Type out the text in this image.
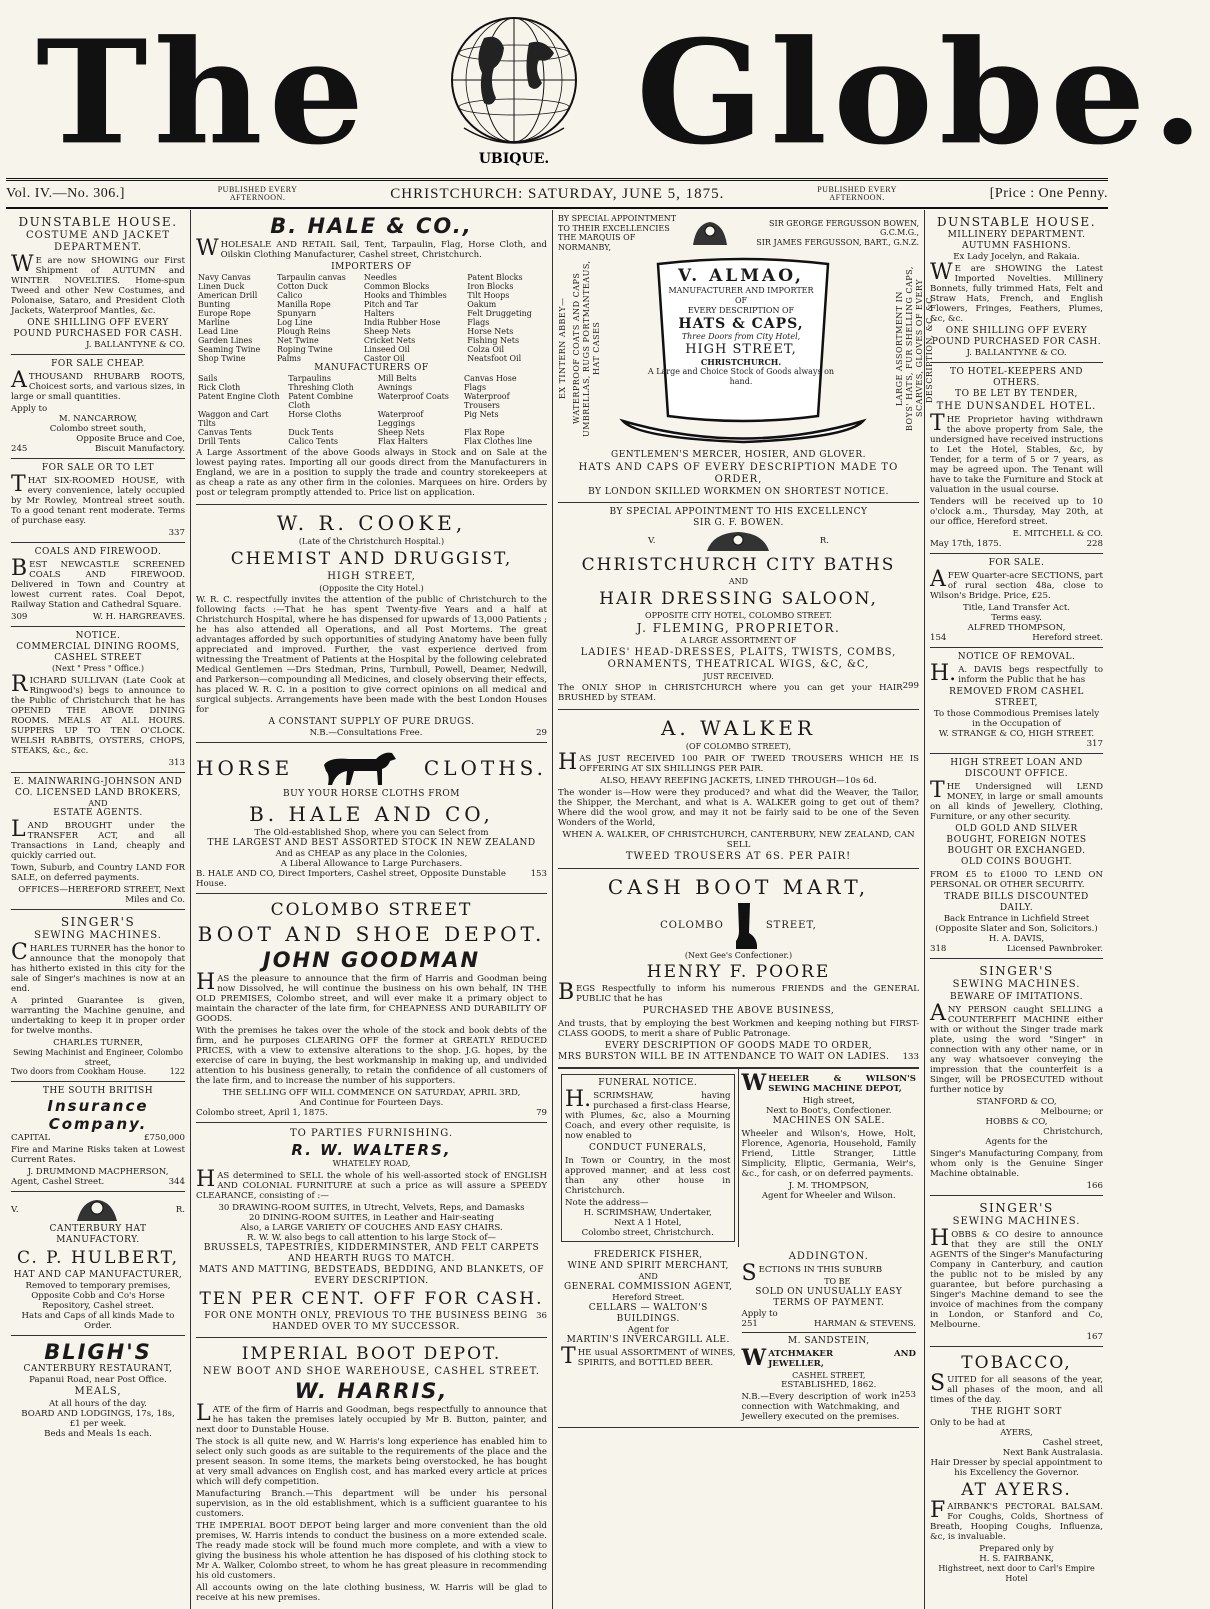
The	UBIQUE. Globe.
Vol. IV.—No. 306.]	PUBLISHED EVERY AFTERNOON.	CHRISTCHURCH: SATURDAY, JUNE 5, 1875.	PUBLISHED EVERY AFTERNOON.	[Price : One Penny.
DUNSTABLE HOUSE.
COSTUME AND JACKET DEPARTMENT.
WE are now SHOWING our First Shipment of AUTUMN and WINTER NOVELTIES. Home-spun Tweed and other New Costumes, and Polonaise, Sataro, and President Cloth Jackets, Waterproof Mantles, &c.
ONE SHILLING OFF EVERY POUND PURCHASED FOR CASH.
J. BALLANTYNE & CO.
FOR SALE CHEAP.
ATHOUSAND RHUBARB ROOTS, Choicest sorts, and various sizes, in large or small quantities.
Apply to
M. NANCARROW,
Colombo street south,
Opposite Bruce and Coe,
245	Biscuit Manufactory.
FOR SALE OR TO LET
THAT SIX-ROOMED HOUSE, with every convenience, lately occupied by Mr Rowley, Montreal street south. To a good tenant rent moderate. Terms of purchase easy.
337
COALS AND FIREWOOD.
BEST NEWCASTLE SCREENED COALS AND FIREWOOD. Delivered in Town and Country at lowest current rates. Coal Depot, Railway Station and Cathedral Square.
309	W. H. HARGREAVES.
NOTICE.
COMMERCIAL DINING ROOMS, CASHEL STREET
(Next " Press " Office.)
RICHARD SULLIVAN (Late Cook at Ringwood's) begs to announce to the Public of Christchurch that he has OPENED THE ABOVE DINING ROOMS. MEALS AT ALL HOURS. SUPPERS UP TO TEN O'CLOCK. WELSH RABBITS, OYSTERS, CHOPS, STEAKS, &c., &c.
313
E. MAINWARING-JOHNSON AND CO. LICENSED LAND BROKERS,
AND
ESTATE AGENTS.
LAND BROUGHT under the TRANSFER ACT, and all Transactions in Land, cheaply and quickly carried out.
Town, Suburb, and Country LAND FOR SALE, on deferred payments.
OFFICES—HEREFORD STREET, Next Miles and Co.
SINGER'S
SEWING MACHINES.
CHARLES TURNER has the honor to announce that the monopoly that has hitherto existed in this city for the sale of Singer's machines is now at an end.
A printed Guarantee is given, warranting the Machine genuine, and undertaking to keep it in proper order for twelve months.
CHARLES TURNER,
Sewing Machinist and Engineer, Colombo street,
Two doors from Cookham House.	122
THE SOUTH BRITISH
Insurance Company.
CAPITAL	£750,000
Fire and Marine Risks taken at Lowest Current Rates.
J. DRUMMOND MACPHERSON,
Agent, Cashel Street.	344
V.	R.
CANTERBURY HAT MANUFACTORY.
C. P. HULBERT,
HAT AND CAP MANUFACTURER,
Removed to temporary premises, Opposite Cobb and Co's Horse Repository, Cashel street.
Hats and Caps of all kinds Made to Order.
BLIGH'S
CANTERBURY RESTAURANT,
Papanui Road, near Post Office.
MEALS,
At all hours of the day.
BOARD AND LODGINGS, 17s, 18s,
£1 per week.
Beds and Meals 1s each.
B. HALE & CO.,
WHOLESALE AND RETAIL Sail, Tent, Tarpaulin, Flag, Horse Cloth, and Oilskin Clothing Manufacturer, Cashel street, Christchurch.
IMPORTERS OF
Navy Canvas	Tarpaulin canvas	Needles	Patent Blocks
Linen Duck	Cotton Duck	Common Blocks	Iron Blocks
American Drill	Calico	Hooks and Thimbles	Tilt Hoops
Bunting	Manilla Rope	Pitch and Tar	Oakum
Europe Rope	Spunyarn	Halters	Felt Druggeting
Marline	Log Line	India Rubber Hose	Flags
Lead Line	Plough Reins	Sheep Nets	Horse Nets
Garden Lines	Net Twine	Cricket Nets	Fishing Nets
Seaming Twine	Roping Twine	Linseed Oil	Colza Oil
Shop Twine	Palms	Castor Oil	Neatsfoot Oil
MANUFACTURERS OF
Sails	Tarpaulins	Mill Belts	Canvas Hose
Rick Cloth	Threshing Cloth	Awnings	Flags
Patent Engine Cloth	Patent Combine Cloth	Waterproof Coats	Waterproof Trousers
Waggon and Cart Tilts	Horse Cloths	Waterproof Leggings	Pig Nets
Canvas Tents	Duck Tents	Sheep Nets	Flax Rope
Drill Tents	Calico Tents	Flax Halters	Flax Clothes line
A Large Assortment of the above Goods always in Stock and on Sale at the lowest paying rates. Importing all our goods direct from the Manufacturers in England, we are in a position to supply the trade and country storekeepers at as cheap a rate as any other firm in the colonies. Marquees on hire. Orders by post or telegram promptly attended to. Price list on application.
W. R. COOKE,
(Late of the Christchurch Hospital.)
CHEMIST AND DRUGGIST,
HIGH STREET,
(Opposite the City Hotel.)
W. R. C. respectfully invites the attention of the public of Christchurch to the following facts :—That he has spent Twenty-five Years and a half at Christchurch Hospital, where he has dispensed for upwards of 13,000 Patients ; he has also attended all Operations, and all Post Mortems. The great advantages afforded by such opportunities of studying Anatomy have been fully appreciated and improved. Further, the vast experience derived from witnessing the Treatment of Patients at the Hospital by the following celebrated Medical Gentlemen —Drs Stedman, Prins, Turnbull, Powell, Deamer, Nedwill, and Parkerson—compounding all Medicines, and closely observing their effects, has placed W. R. C. in a position to give correct opinions on all medical and surgical subjects. Arrangements have been made with the best London Houses for
A CONSTANT SUPPLY OF PURE DRUGS.
N.B.—Consultations Free.	29
HORSE	CLOTHS.
BUY YOUR HORSE CLOTHS FROM
B. HALE AND CO,
The Old-established Shop, where you can Select from
THE LARGEST AND BEST ASSORTED STOCK IN NEW ZEALAND
And as CHEAP as any place in the Colonies,
A Liberal Allowance to Large Purchasers.
B. HALE AND CO, Direct Importers, Cashel street, Opposite Dunstable House.
153
COLOMBO STREET
BOOT AND SHOE DEPOT.
JOHN GOODMAN
HAS the pleasure to announce that the firm of Harris and Goodman being now Dissolved, he will continue the business on his own behalf, IN THE OLD PREMISES, Colombo street, and will ever make it a primary object to maintain the character of the late firm, for CHEAPNESS AND DURABILITY OF GOODS.
With the premises he takes over the whole of the stock and book debts of the firm, and he purposes CLEARING OFF the former at GREATLY REDUCED PRICES, with a view to extensive alterations to the shop. J.G. hopes, by the exercise of care in buying, the best workmanship in making up, and undivided attention to his business generally, to retain the confidence of all customers of the late firm, and to increase the number of his supporters.
THE SELLING OFF WILL COMMENCE ON SATURDAY, APRIL 3RD,
And Continue for Fourteen Days.
Colombo street, April 1, 1875.	79
TO PARTIES FURNISHING.
R. W. WALTERS,
WHATELEY ROAD,
HAS determined to SELL the whole of his well-assorted stock of ENGLISH AND COLONIAL FURNITURE at such a price as will assure a SPEEDY CLEARANCE, consisting of :—
30 DRAWING-ROOM SUITES, in Utrecht, Velvets, Reps, and Damasks
20 DINING-ROOM SUITES, in Leather and Hair-seating
Also, a LARGE VARIETY OF COUCHES AND EASY CHAIRS.
R. W. W. also begs to call attention to his large Stock of—
BRUSSELS, TAPESTRIES, KIDDERMINSTER, AND FELT CARPETS AND HEARTH RUGS TO MATCH.
MATS AND MATTING, BEDSTEADS, BEDDING, AND BLANKETS, OF EVERY DESCRIPTION.
TEN PER CENT. OFF FOR CASH.
FOR ONE MONTH ONLY, PREVIOUS TO THE BUSINESS BEING HANDED OVER TO MY SUCCESSOR.
36
IMPERIAL BOOT DEPOT.
NEW BOOT AND SHOE WAREHOUSE, CASHEL STREET.
W. HARRIS,
LATE of the firm of Harris and Goodman, begs respectfully to announce that he has taken the premises lately occupied by Mr B. Button, painter, and next door to Dunstable House.
The stock is all quite new, and W. Harris's long experience has enabled him to select only such goods as are suitable to the requirements of the place and the present season. In some items, the markets being overstocked, he has bought at very small advances on English cost, and has marked every article at prices which will defy competition.
Manufacturing Branch.—This department will be under his personal supervision, as in the old establishment, which is a sufficient guarantee to his customers.
THE IMPERIAL BOOT DEPOT being larger and more convenient than the old premises, W. Harris intends to conduct the business on a more extended scale. The ready made stock will be found much more complete, and with a view to giving the business his whole attention he has disposed of his clothing stock to Mr A. Walker, Colombo street, to whom he has great pleasure in recommending his old customers.
All accounts owing on the late clothing business, W. Harris will be glad to receive at his new premises.
BY SPECIAL APPOINTMENT
TO THEIR EXCELLENCIES
THE MARQUIS OF NORMANBY,
SIR GEORGE FERGUSSON BOWEN, G.C.M.G.,
SIR JAMES FERGUSSON, BART., G.N.Z.
EX TINTERN ABBEY— WATERPROOF COATS AND CAPS UMBRELLAS, RUGS PORTMANTEAUS, HAT CASES
V. ALMAO,
MANUFACTURER AND IMPORTER
OF
EVERY DESCRIPTION OF
HATS & CAPS,
Three Doors from City Hotel,
HIGH STREET,
CHRISTCHURCH.
A Large and Choice Stock of Goods always on hand.	LARGE ASSORTMENT IN BOYS' HATS, FUR SHELLING CAPS, SCARVES, GLOVES OF EVERY DESCRIPTION, &C. &C.
GENTLEMEN'S MERCER, HOSIER, AND GLOVER.
HATS AND CAPS OF EVERY DESCRIPTION MADE TO ORDER,
BY LONDON SKILLED WORKMEN ON SHORTEST NOTICE.
BY SPECIAL APPOINTMENT TO HIS EXCELLENCY
SIR G. F. BOWEN.
V.	R.
CHRISTCHURCH CITY BATHS
AND
HAIR DRESSING SALOON,
OPPOSITE CITY HOTEL, COLOMBO STREET.
J. FLEMING, PROPRIETOR.
A LARGE ASSORTMENT OF
LADIES' HEAD-DRESSES, PLAITS, TWISTS, COMBS, ORNAMENTS, THEATRICAL WIGS, &C, &C,
JUST RECEIVED.
The ONLY SHOP in CHRISTCHURCH where you can get your HAIR BRUSHED by STEAM.
299
A. WALKER
(OF COLOMBO STREET),
HAS JUST RECEIVED 100 PAIR OF TWEED TROUSERS WHICH HE IS OFFERING AT SIX SHILLINGS PER PAIR.
ALSO, HEAVY REEFING JACKETS, LINED THROUGH—10s 6d.
The wonder is—How were they produced? and what did the Weaver, the Tailor, the Shipper, the Merchant, and what is A. WALKER going to get out of them? Where did the wool grow, and may it not be fairly said to be one of the Seven Wonders of the World,
WHEN A. WALKER, OF CHRISTCHURCH, CANTERBURY, NEW ZEALAND, CAN SELL
TWEED TROUSERS AT 6S. PER PAIR!
CASH BOOT MART,
COLOMBO	STREET,
(Next Gee's Confectioner.)
HENRY F. POORE
BEGS Respectfully to inform his numerous FRIENDS and the GENERAL PUBLIC that he has
PURCHASED THE ABOVE BUSINESS,
And trusts, that by employing the best Workmen and keeping nothing but FIRST-CLASS GOODS, to merit a share of Public Patronage.
EVERY DESCRIPTION OF GOODS MADE TO ORDER,
MRS BURSTON WILL BE IN ATTENDANCE TO WAIT ON LADIES. 133
FUNERAL NOTICE.
H.SCRIMSHAW, having purchased a first-class Hearse, with Plumes, &c, also a Mourning Coach, and every other requisite, is now enabled to
CONDUCT FUNERALS,
In Town or Country, in the most approved manner, and at less cost than any other house in Christchurch.
Note the address—
H. SCRIMSHAW, Undertaker,
Next A 1 Hotel,
Colombo street, Christchurch.
WHEELER & WILSON'S SEWING MACHINE DEPOT,
High street,
Next to Boot's, Confectioner.
MACHINES ON SALE.
Wheeler and Wilson's, Howe, Holt, Florence, Agenoria, Household, Family Friend, Little Stranger, Little Simplicity, Eliptic, Germania, Weir's, &c., for cash, or on deferred payments.
J. M. THOMPSON,
Agent for Wheeler and Wilson.
FREDERICK FISHER,
WINE AND SPIRIT MERCHANT,
AND
GENERAL COMMISSION AGENT,
Hereford Street.
CELLARS — WALTON'S BUILDINGS.
Agent for
MARTIN'S INVERCARGILL ALE.
THE usual ASSORTMENT of WINES, SPIRITS, and BOTTLED BEER.
ADDINGTON.
SECTIONS IN THIS SUBURB
TO BE
SOLD ON UNUSUALLY EASY TERMS OF PAYMENT.
Apply to
251	HARMAN & STEVENS.
M. SANDSTEIN,
WATCHMAKER AND JEWELLER,
CASHEL STREET,
ESTABLISHED, 1862.
N.B.—Every description of work in connection with Watchmaking, and Jewellery executed on the premises.
253
DUNSTABLE HOUSE.
MILLINERY DEPARTMENT.
AUTUMN FASHIONS.
Ex Lady Jocelyn, and Rakaia.
WE are SHOWING the Latest Imported Novelties. Millinery Bonnets, fully trimmed Hats, Felt and Straw Hats, French, and English Flowers, Fringes, Feathers, Plumes, &c, &c.
ONE SHILLING OFF EVERY POUND PURCHASED FOR CASH.
J. BALLANTYNE & CO.
TO HOTEL-KEEPERS AND OTHERS.
TO BE LET BY TENDER,
THE DUNSANDEL HOTEL.
THE Proprietor having withdrawn the above property from Sale, the undersigned have received instructions to Let the Hotel, Stables, &c, by Tender, for a term of 5 or 7 years, as may be agreed upon. The Tenant will have to take the Furniture and Stock at valuation in the usual course.
Tenders will be received up to 10 o'clock a.m., Thursday, May 20th, at our office, Hereford street.
E. MITCHELL & CO.
May 17th, 1875.	228
FOR SALE.
AFEW Quarter-acre SECTIONS, part of rural section 48a, close to Wilson's Bridge. Price, £25.
Title, Land Transfer Act.
Terms easy.
ALFRED THOMPSON,
154	Hereford street.
NOTICE OF REMOVAL.
H.A. DAVIS begs respectfully to inform the Public that he has
REMOVED FROM CASHEL STREET,
To those Commodious Premises lately in the Occupation of
W. STRANGE & CO, HIGH STREET.
317
HIGH STREET LOAN AND DISCOUNT OFFICE.
THE Undersigned will LEND MONEY, in large or small amounts on all kinds of Jewellery, Clothing, Furniture, or any other security.
OLD GOLD AND SILVER BOUGHT, FOREIGN NOTES BOUGHT OR EXCHANGED.
OLD COINS BOUGHT.
FROM £5 to £1000 TO LEND ON PERSONAL OR OTHER SECURITY.
TRADE BILLS DISCOUNTED DAILY.
Back Entrance in Lichfield Street (Opposite Slater and Son, Solicitors.)
H. A. DAVIS,
318	Licensed Pawnbroker.
SINGER'S
SEWING MACHINES.
BEWARE OF IMITATIONS.
ANY PERSON caught SELLING a COUNTERFEIT MACHINE either with or without the Singer trade mark plate, using the word "Singer" in connection with any other name, or in any way whatsoever conveying the impression that the counterfeit is a Singer, will be PROSECUTED without further notice by
STANFORD & CO,
Melbourne; or
HOBBS & CO,
Christchurch,
Agents for the
Singer's Manufacturing Company, from whom only is the Genuine Singer Machine obtainable.
166
SINGER'S
SEWING MACHINES.
HOBBS & CO desire to announce that they are still the ONLY AGENTS of the Singer's Manufacturing Company in Canterbury, and caution the public not to be misled by any guarantee, but before purchasing a Singer's Machine demand to see the invoice of machines from the company in London, or Stanford and Co, Melbourne.
167
TOBACCO,
SUITED for all seasons of the year, all phases of the moon, and all times of the day.
THE RIGHT SORT
Only to be had at
AYERS,
Cashel street,
Next Bank Australasia.
Hair Dresser by special appointment to his Excellency the Governor.
AT AYERS.
FAIRBANK'S PECTORAL BALSAM. For Coughs, Colds, Shortness of Breath, Hooping Coughs, Influenza, &c, is invaluable.
Prepared only by
H. S. FAIRBANK,
Highstreet, next door to Carl's Empire Hotel
